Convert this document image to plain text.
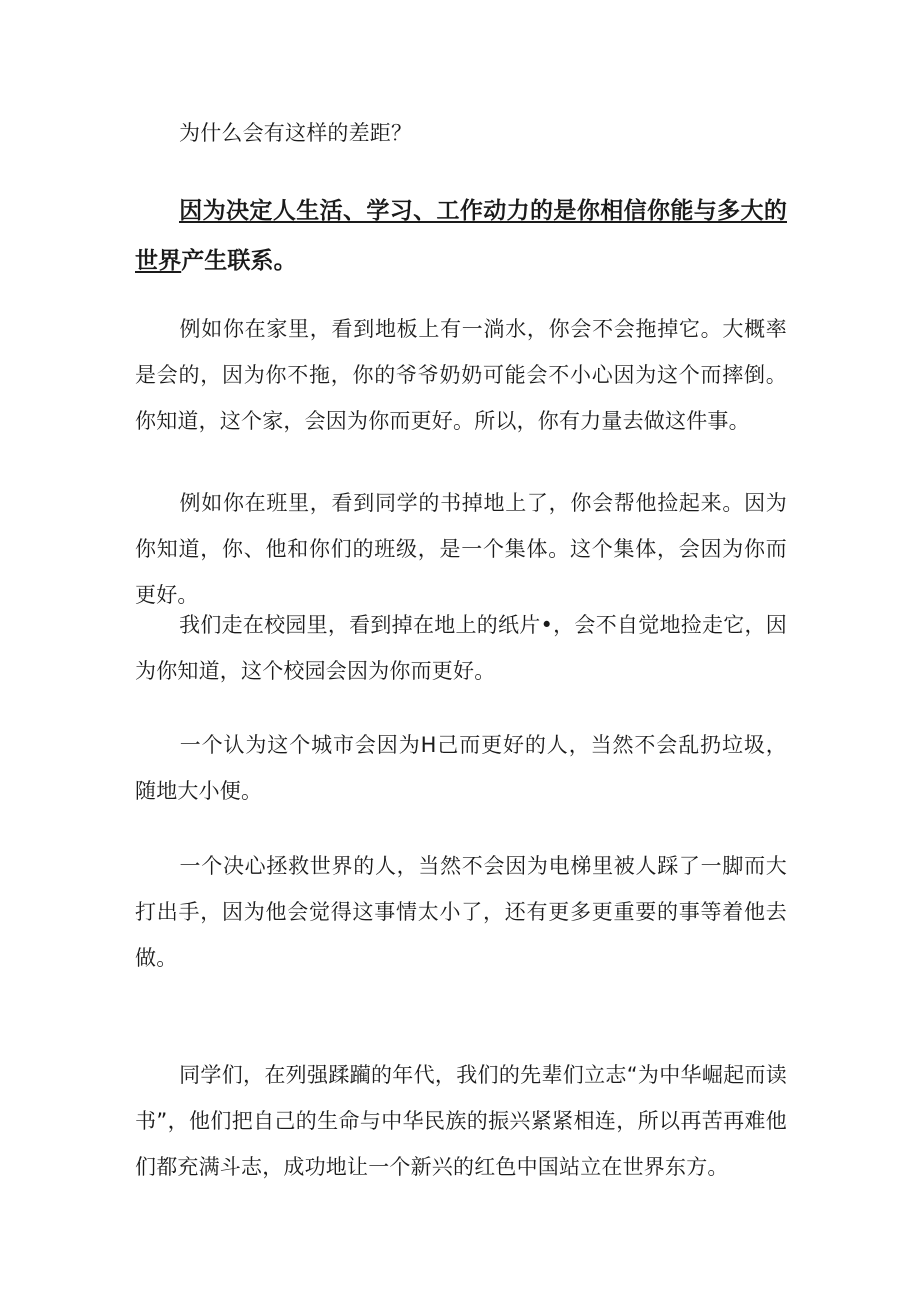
为什么会有这样的差距？

因为决定人生活、学习、工作动力的是你相信你能与多大的世界产生联系。

例如你在家里，看到地板上有一淌水，你会不会拖掉它。大概率是会的，因为你不拖，你的爷爷奶奶可能会不小心因为这个而摔倒。你知道，这个家，会因为你而更好。所以，你有力量去做这件事。

例如你在班里，看到同学的书掉地上了，你会帮他捡起来。因为你知道，你、他和你们的班级，是一个集体。这个集体，会因为你而更好。

我们走在校园里，看到掉在地上的纸片•，会不自觉地捡走它，因为你知道，这个校园会因为你而更好。

一个认为这个城市会因为H己而更好的人，当然不会乱扔垃圾，随地大小便。

一个决心拯救世界的人，当然不会因为电梯里被人踩了一脚而大打出手，因为他会觉得这事情太小了，还有更多更重要的事等着他去做。

同学们，在列强蹂躏的年代，我们的先辈们立志“为中华崛起而读书”，他们把自己的生命与中华民族的振兴紧紧相连，所以再苦再难他们都充满斗志，成功地让一个新兴的红色中国站立在世界东方。
